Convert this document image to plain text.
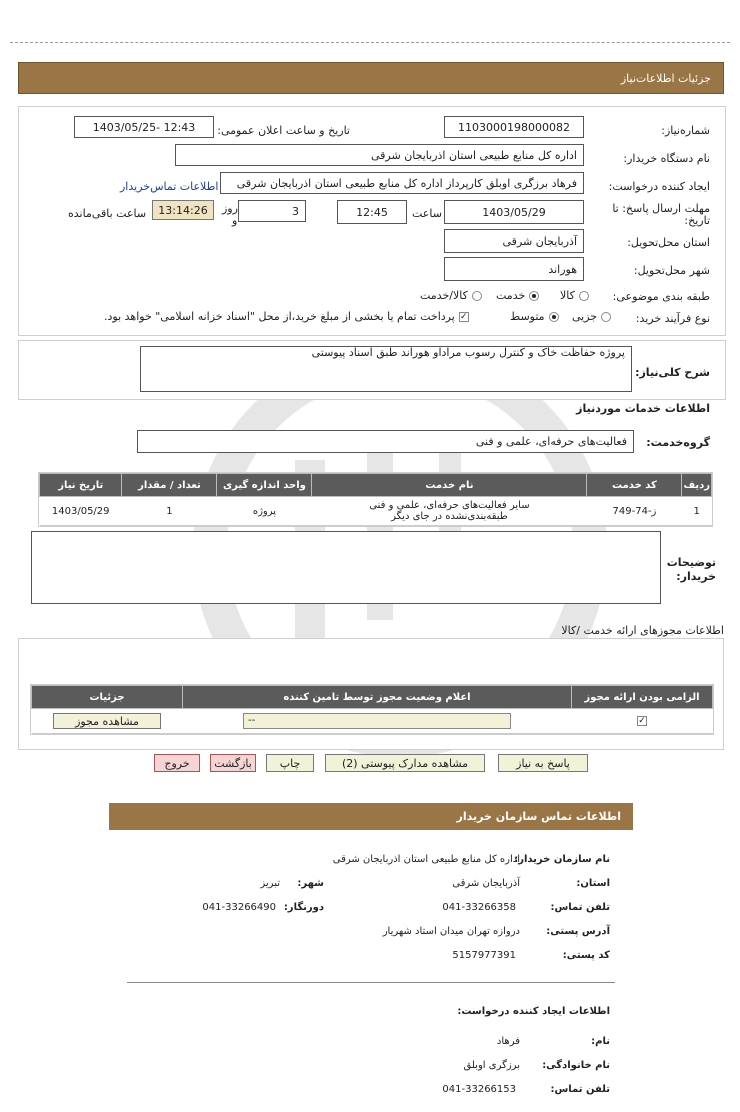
جزئیات اطلاعات‌نیاز
شماره‌نیاز:
1103000198000082
تاریخ و ساعت اعلان عمومی:
1403/05/25- 12:43
نام دستگاه خریدار:
اداره کل منابع طبیعی استان اذربایجان شرقی
ایجاد کننده درخواست:
فرهاد برزگری اوبلق کارپرداز اداره کل منابع طبیعی استان اذربایجان شرقی
اطلاعات تماس‌خریدار
مهلت ارسال پاسخ: تا
تاریخ:
1403/05/29
ساعت
12:45
3
روز
و
13:14:26
ساعت باقی‌مانده
استان محل‌تحویل:
آذربایجان شرقی
شهر محل‌تحویل:
هوراند
طبقه بندی موضوعی:
کالا
خدمت
کالا/خدمت
نوع فرآیند خرید:
جزیی
متوسط
✓
پرداخت تمام یا بخشی از مبلغ خرید،از محل "اسناد خزانه اسلامی" خواهد بود.
شرح کلی‌نیاز:
پروژه حفاظت خاک و کنترل رسوب مراداو هوراند طبق اسناد پیوستی
اطلاعات خدمات موردنیاز
گروه‌خدمت:
فعالیت‌های حرفه‌ای، علمی و فنی
ردیف	کد خدمت	نام خدمت	واحد اندازه گیری	تعداد / مقدار	تاریخ نیاز
1	ز-74-749	سایر فعالیت‌های حرفه‌ای، علمی و فنی
طبقه‌بندی‌نشده در جای دیگر	پروژه	1	1403/05/29
توضیحات
خریدار:
اطلاعات مجوزهای ارائه خدمت /کالا
الزامی بودن ارائه مجوز	اعلام وضعیت مجوز توسط تامین کننده	جزئیات
✓	--	مشاهده مجوز
پاسخ به نیاز
مشاهده مدارک پیوستی (2)
چاپ
بازگشت
خروج
اطلاعات تماس سازمان خریدار
نام سازمان خریدار:
اداره کل منابع طبیعی استان اذربایجان شرقی
استان:
آذربایجان شرقی
شهر:
تبریز
تلفن تماس:
041-33266358
دورنگار:
041-33266490
آدرس پستی:
دروازه تهران میدان استاد شهریار
کد پستی:
5157977391
اطلاعات ایجاد کننده درخواست:
نام:
فرهاد
نام خانوادگی:
برزگری اوبلق
تلفن تماس:
041-33266153
